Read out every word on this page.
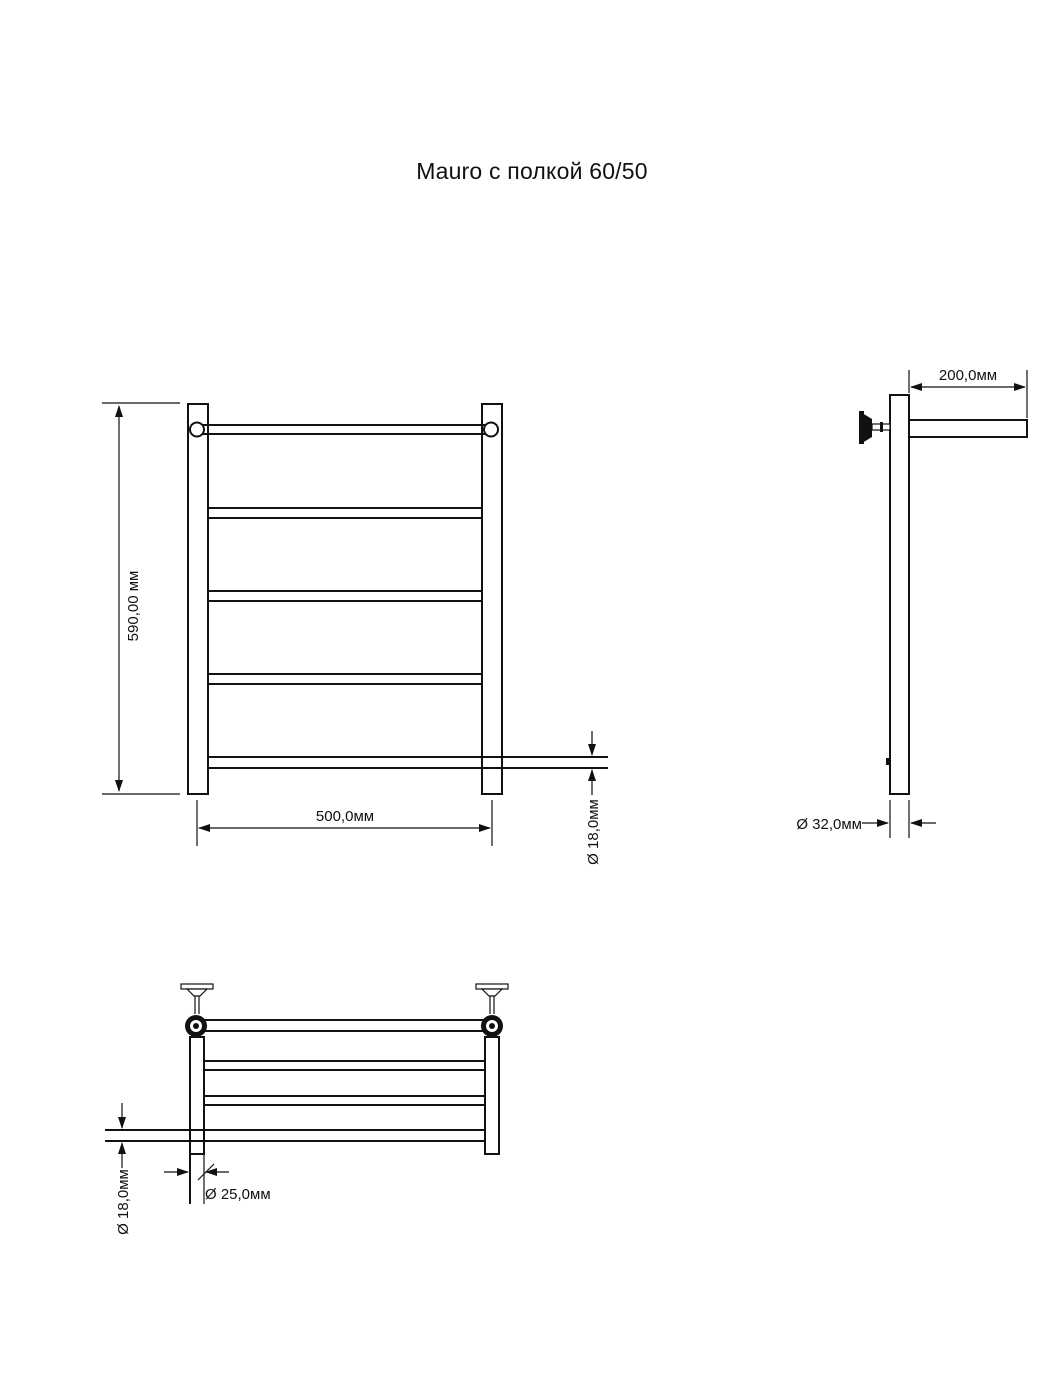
Mauro с полкой 60/50
590,00 мм
500,0мм	Ø 18,0мм
200,0мм
Ø 32,0мм
Ø 18,0мм	Ø 25,0мм
